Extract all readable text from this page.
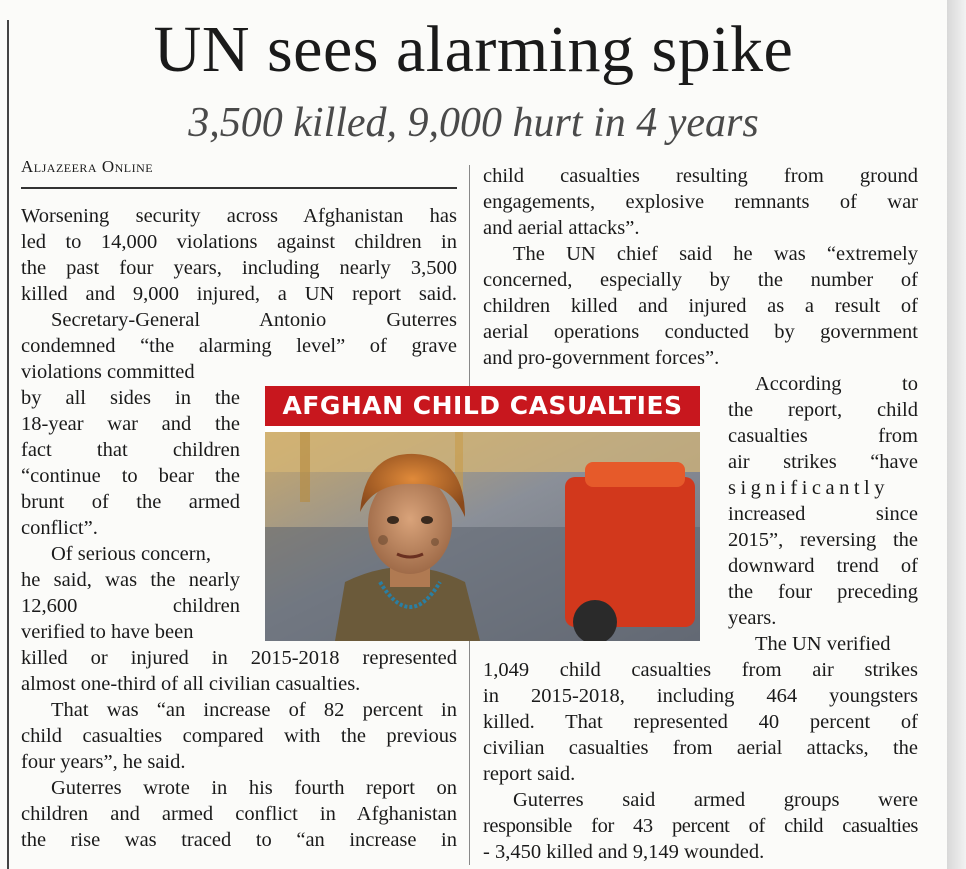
UN sees alarming spike
3,500 killed, 9,000 hurt in 4 years
Aljazeera Online
Worsening security across Afghanistan has
led to 14,000 violations against children in
the past four years, including nearly 3,500
killed and 9,000 injured, a UN report said.
Secretary-General Antonio Guterres
condemned “the alarming level” of grave
violations committed
by all sides in the
18-year war and the
fact that children
“continue to bear the
brunt of the armed
conflict”.
Of serious concern,
he said, was the nearly
12,600 children
verified to have been
killed or injured in 2015-2018 represented
almost one-third of all civilian casualties.
That was “an increase of 82 percent in
child casualties compared with the previous
four years”, he said.
Guterres wrote in his fourth report on
children and armed conflict in Afghanistan
the rise was traced to “an increase in
child casualties resulting from ground
engagements, explosive remnants of war
and aerial attacks”.
The UN chief said he was “extremely
concerned, especially by the number of
children killed and injured as a result of
aerial operations conducted by government
and pro-government forces”.
According to
the report, child
casualties from
air strikes “have
significantly
increased since
2015”, reversing the
downward trend of
the four preceding
years.
The UN verified
1,049 child casualties from air strikes
in 2015-2018, including 464 youngsters
killed. That represented 40 percent of
civilian casualties from aerial attacks, the
report said.
Guterres said armed groups were
responsible for 43 percent of child casualties
- 3,450 killed and 9,149 wounded.
AFGHAN CHILD CASUALTIES
